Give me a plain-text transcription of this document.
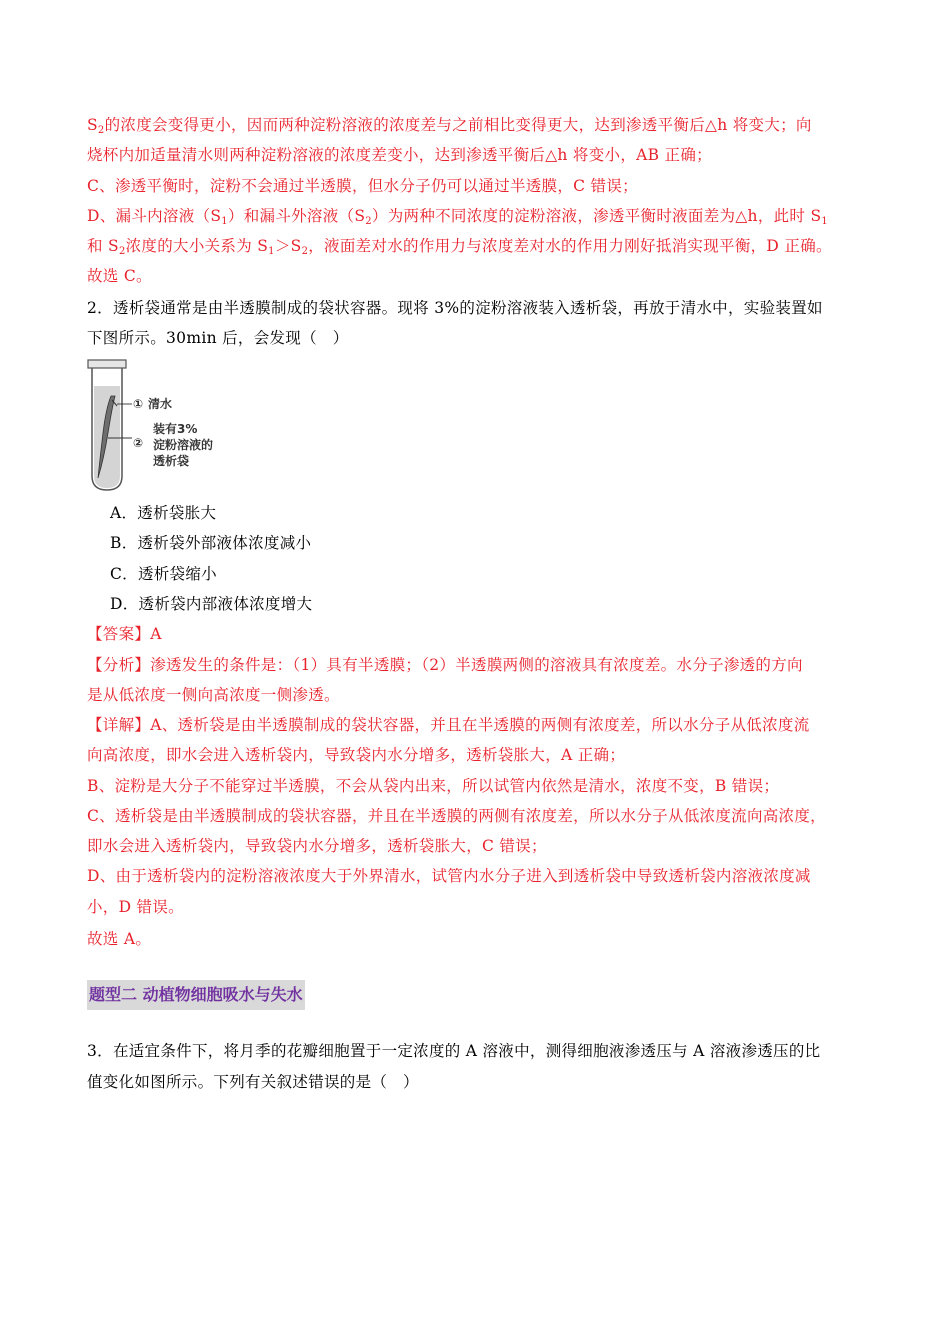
$S_2$的浓度会变得更小，因而两种淀粉溶液的浓度差与之前相比变得更大，达到渗透平衡后△h 将变大；向
烧杯内加适量清水则两种淀粉溶液的浓度差变小，达到渗透平衡后△h 将变小，AB 正确；
C、渗透平衡时，淀粉不会通过半透膜，但水分子仍可以通过半透膜，C 错误；
D、漏斗内溶液$(S_1)$和漏斗外溶液$(S_2)$为两种不同浓度的淀粉溶液，渗透平衡时液面差为△h，此时 $S_1$
和 $S_2$浓度的大小关系为 $S_1>S_2$，液面差对水的作用力与浓度差对水的作用力刚好抵消实现平衡，D 正确。
故选 C。
2．透析袋通常是由半透膜制成的袋状容器。现将 3%的淀粉溶液装入透析袋，再放于清水中，实验装置如
下图所示。30min 后，会发现（　）
① 清水
装有3%
② 淀粉溶液的
透析袋
A．透析袋胀大
B．透析袋外部液体浓度减小
C．透析袋缩小
D．透析袋内部液体浓度增大
【答案】A
【分析】渗透发生的条件是：（1）具有半透膜；（2）半透膜两侧的溶液具有浓度差。水分子渗透的方向
是从低浓度一侧向高浓度一侧渗透。
【详解】A、透析袋是由半透膜制成的袋状容器，并且在半透膜的两侧有浓度差，所以水分子从低浓度流
向高浓度，即水会进入透析袋内，导致袋内水分增多，透析袋胀大，A 正确；
B、淀粉是大分子不能穿过半透膜，不会从袋内出来，所以试管内依然是清水，浓度不变，B 错误；
C、透析袋是由半透膜制成的袋状容器，并且在半透膜的两侧有浓度差，所以水分子从低浓度流向高浓度，
即水会进入透析袋内，导致袋内水分增多，透析袋胀大，C 错误；
D、由于透析袋内的淀粉溶液浓度大于外界清水，试管内水分子进入到透析袋中导致透析袋内溶液浓度减
小，D 错误。
故选 A。
题型二 动植物细胞吸水与失水
3．在适宜条件下，将月季的花瓣细胞置于一定浓度的 A 溶液中，测得细胞液渗透压与 A 溶液渗透压的比
值变化如图所示。下列有关叙述错误的是（　）
